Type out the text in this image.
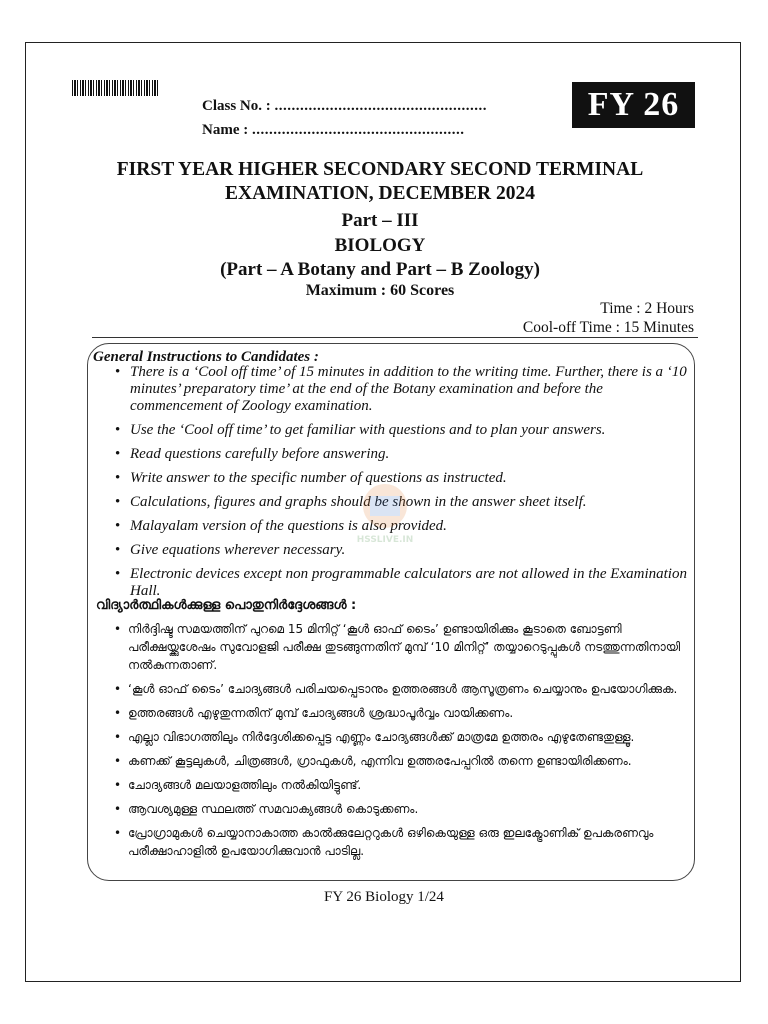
Class No. : ..................................................
Name : ..................................................
FY 26
FIRST YEAR HIGHER SECONDARY SECOND TERMINAL EXAMINATION, DECEMBER 2024
Part – III
BIOLOGY
(Part – A Botany and Part – B Zoology)
Maximum : 60 Scores
Time : 2 Hours
Cool-off Time : 15 Minutes
General Instructions to Candidates :
• There is a ‘Cool off time’ of 15 minutes in addition to the writing time. Further, there is a ‘10 minutes’ preparatory time’ at the end of the Botany examination and before the commencement of Zoology examination.
• Use the ‘Cool off time’ to get familiar with questions and to plan your answers.
• Read questions carefully before answering.
• Write answer to the specific number of questions as instructed.
• Calculations, figures and graphs should be shown in the answer sheet itself.
• Malayalam version of the questions is also provided.
• Give equations wherever necessary.
• Electronic devices except non programmable calculators are not allowed in the Examination Hall.
HSSLIVE.IN
വിദ്യാർത്ഥികൾക്കുള്ള പൊതുനിർദ്ദേശങ്ങൾ :
• നിർദ്ദിഷ്ട സമയത്തിന് പുറമെ 15 മിനിറ്റ് ‘കൂൾ ഓഫ് ടൈം’ ഉണ്ടായിരിക്കും കൂടാതെ ബോട്ടണി പരീക്ഷയ്ക്കുശേഷം സുവോളജി പരീക്ഷ തുടങ്ങുന്നതിന് മുമ്പ് ‘10 മിനിറ്റ്’ തയ്യാറെടുപ്പുകൾ നടത്തുന്നതിനായി നൽകുന്നതാണ്.
• ‘കൂൾ ഓഫ് ടൈം’ ചോദ്യങ്ങൾ പരിചയപ്പെടാനും ഉത്തരങ്ങൾ ആസൂത്രണം ചെയ്യാനും ഉപയോഗിക്കുക.
• ഉത്തരങ്ങൾ എഴുതുന്നതിന് മുമ്പ് ചോദ്യങ്ങൾ ശ്രദ്ധാപൂർവ്വം വായിക്കണം.
• എല്ലാ വിഭാഗത്തിലും നിർദ്ദേശിക്കപ്പെട്ട എണ്ണം ചോദ്യങ്ങൾക്ക് മാത്രമേ ഉത്തരം എഴുതേണ്ടതുള്ളൂ.
• കണക്ക് കൂട്ടലുകൾ, ചിത്രങ്ങൾ, ഗ്രാഫുകൾ, എന്നിവ ഉത്തരപേപ്പറിൽ തന്നെ ഉണ്ടായിരിക്കണം.
• ചോദ്യങ്ങൾ മലയാളത്തിലും നൽകിയിട്ടുണ്ട്.
• ആവശ്യമുള്ള സ്ഥലത്ത് സമവാക്യങ്ങൾ കൊടുക്കണം.
• പ്രോഗ്രാമുകൾ ചെയ്യാനാകാത്ത കാൽക്കുലേറ്ററുകൾ ഒഴികെയുള്ള ഒരു ഇലക്ട്രോണിക് ഉപകരണവും പരീക്ഷാഹാളിൽ ഉപയോഗിക്കുവാൻ പാടില്ല.
FY 26 Biology 1/24
